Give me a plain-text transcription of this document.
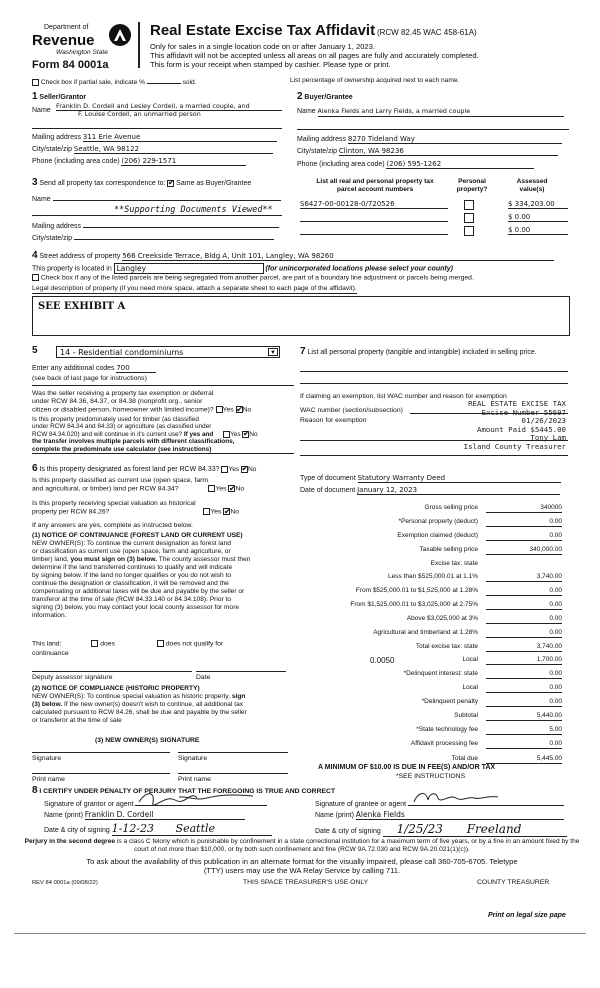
Department of
Revenue
Washington State
Form 84 0001a
Real Estate Excise Tax Affidavit (RCW 82.45 WAC 458-61A)
Only for sales in a single location code on or after January 1, 2023.
This affidavit will not be accepted unless all areas on all pages are fully and accurately completed.
This form is your receipt when stamped by cashier. Please type or print.
Check box if partial sale, indicate %	sold.	List percentage of ownership acquired next to each name.
1 Seller/Grantor
Name
Franklin D. Cordell and Lesley Cordell, a married couple, and
F. Louise Cordell, an unmarried person
Mailing address 311 Erie Avenue
City/state/zip Seattle, WA 98122
Phone (including area code) (206) 229-1571
2 Buyer/Grantee
Name Alenka Fields and Larry Fields, a married couple
Mailing address 8270 Tideland Way
City/state/zip Clinton, WA 98236
Phone (including area code) (206) 595-1262
3 Send all property tax correspondence to: ✔ Same as Buyer/Grantee
Name
**Supporting Documents Viewed**
Mailing address
City/state/zip
List all real and personal property tax
parcel account numbers
Personal
property?
Assessed
value(s)
S6427-00-00128-0/720526	$ 334,203.00
$ 0.00
$ 0.00
4 Street address of property 566 Creekside Terrace, Bldg A, Unit 101, Langley, WA 98260
This property is located in Langley	(for unincorporated locations please select your county)
Check box if any of the listed parcels are being segregated from another parcel, are part of a boundary line adjustment or parcels being merged.
Legal description of property (if you need more space, attach a separate sheet to each page of the affidavit).
SEE EXHIBIT A
5	14 - Residential condominiums	▼
Enter any additional codes 700
(see back of last page for instructions)
Was the seller receiving a property tax exemption or deferral
under RCW 84.36, 84.37, or 84.38 (nonprofit org., senior
citizen or disabled person, homeowner with limited income)? Yes ✔ No
Is this property predominately used for timber (as classified
under RCW 84.34 and 84.33) or agriculture (as classified under
RCW 84.34.020) and will continue in it's current use? If yes and	Yes ✔ No
the transfer involves multiple parcels with different classifications,
complete the predominate use calculator (see instructions)
6 Is this property designated as forest land per RCW 84.33? Yes ✔ No
Is this property classified as current use (open space, farm
and agricultural, or timber) land per RCW 84.34?	Yes ✔ No
Is this property receiving special valuation as historical
property per RCW 84.26?	Yes ✔ No
If any answers are yes, complete as instructed below.
(1) NOTICE OF CONTINUANCE (FOREST LAND OR CURRENT USE)
NEW OWNER(S): To continue the current designation as forest land
or classification as current use (open space, farm and agriculture, or
timber) land, you must sign on (3) below. The county assessor must then
determine if the land transferred continues to qualify and will indicate
by signing below. If the land no longer qualifies or you do not wish to
continue the designation or classification, it will be removed and the
compensating or additional taxes will be due and payable by the seller or
transferor at the time of sale (RCW 84.33.140 or 84.34.108). Prior to
signing (3) below, you may contact your local county assessor for more
information.
This land:	does	does not qualify for
continuance
Deputy assessor signature	Date
(2) NOTICE OF COMPLIANCE (HISTORIC PROPERTY)
NEW OWNER(S): To continue special valuation as historic property, sign
(3) below. If the new owner(s) doesn't wish to continue, all additional tax
calculated pursuant to RCW 84.26, shall be due and payable by the seller
or transferor at the time of sale
(3) NEW OWNER(S) SIGNATURE
Signature	Signature
Print name	Print name
7 List all personal property (tangible and intangible) included in selling price.
If claiming an exemption, list WAC number and reason for exemption
WAC number (section/subsection)
Reason for exemption
REAL ESTATE EXCISE TAX
Excise Number 55697
01/26/2023
Amount Paid $5445.00
Tony Lam
Island County Treasurer
Type of document Statutory Warranty Deed
Date of document January 12, 2023
Gross selling price	340000
*Personal property (deduct)	0.00
Exemption claimed (deduct)	0.00
Taxable selling price	340,000.00
Excise tax: state
Less than $525,000.01 at 1.1%	3,740.00
From $525,000.01 to $1,525,000 at 1.28%	0.00
From $1,525,000.01 to $3,025,000 at 2.75%	0.00
Above $3,025,000 at 3%	0.00
Agricultural and timberland at 1.28%	0.00
Total excise tax: state	3,740.00
0.0050	Local	1,700.00
*Delinquent interest: state	0.00
Local	0.00
*Delinquent penalty	0.00
Subtotal	5,440.00
*State technology fee	5.00
Affidavit processing fee	0.00
Total due	5,445.00
A MINIMUM OF $10.00 IS DUE IN FEE(S) AND/OR TAX
*SEE INSTRUCTIONS
8 I CERTIFY UNDER PENALTY OF PERJURY THAT THE FOREGOING IS TRUE AND CORRECT
Signature of grantor or agent
Name (print) Franklin D. Cordell
Date & city of signing 1-12-23 Seattle
Signature of grantee or agent
Name (print) Alenka Fields
Date & city of signing 1/25/23 Freeland
Perjury in the second degree is a class C felony which is punishable by confinement in a state correctional institution for a maximum term of five years, or by a fine in an amount fixed by the court of not more than $10,000, or by both such confinement and fine (RCW 9A.72.030 and RCW 9A.20.021(1)(c)).
To ask about the availability of this publication in an alternate format for the visually impaired, please call 360-705-6705. Teletype
(TTY) users may use the WA Relay Service by calling 711.
REV 84 0001a (09/08/22)	THIS SPACE TREASURER'S USE ONLY	COUNTY TREASURER
Print on legal size pape
